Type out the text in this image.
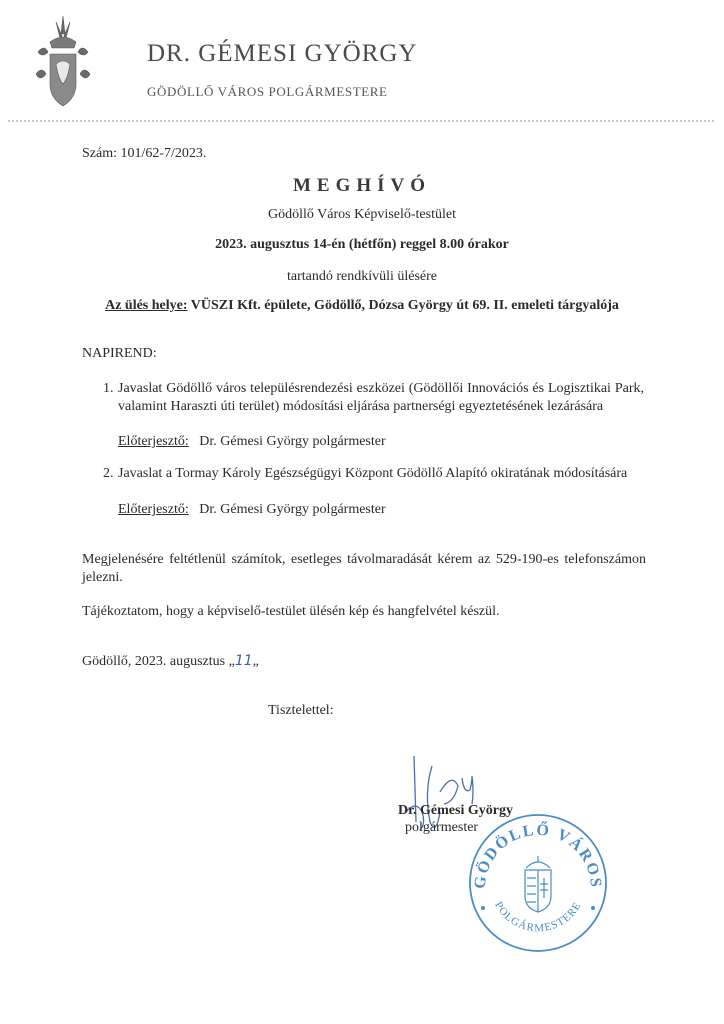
DR. GÉMESI GYÖRGY
GÖDÖLLŐ VÁROS POLGÁRMESTERE
Szám: 101/62-7/2023.
MEGHÍVÓ
Gödöllő Város Képviselő-testület
2023. augusztus 14-én (hétfőn) reggel 8.00 órakor
tartandó rendkívüli ülésére
Az ülés helye: VÜSZI Kft. épülete, Gödöllő, Dózsa György út 69. II. emeleti tárgyalója
NAPIREND:
1. Javaslat Gödöllő város településrendezési eszközei (Gödöllői Innovációs és Logisztikai Park, valamint Haraszti úti terület) módosítási eljárása partnerségi egyeztetésének lezárására
Előterjesztő: Dr. Gémesi György polgármester
2. Javaslat a Tormay Károly Egészségügyi Központ Gödöllő Alapító okiratának módosítására
Előterjesztő: Dr. Gémesi György polgármester
Megjelenésére feltétlenül számítok, esetleges távolmaradását kérem az 529-190-es telefonszámon jelezni.
Tájékoztatom, hogy a képviselő-testület ülésén kép és hangfelvétel készül.
Gödöllő, 2023. augusztus „11„
Tisztelettel:
Dr. Gémesi György
polgármester
GÖDÖLLŐ VÁROS
POLGÁRMESTERE
